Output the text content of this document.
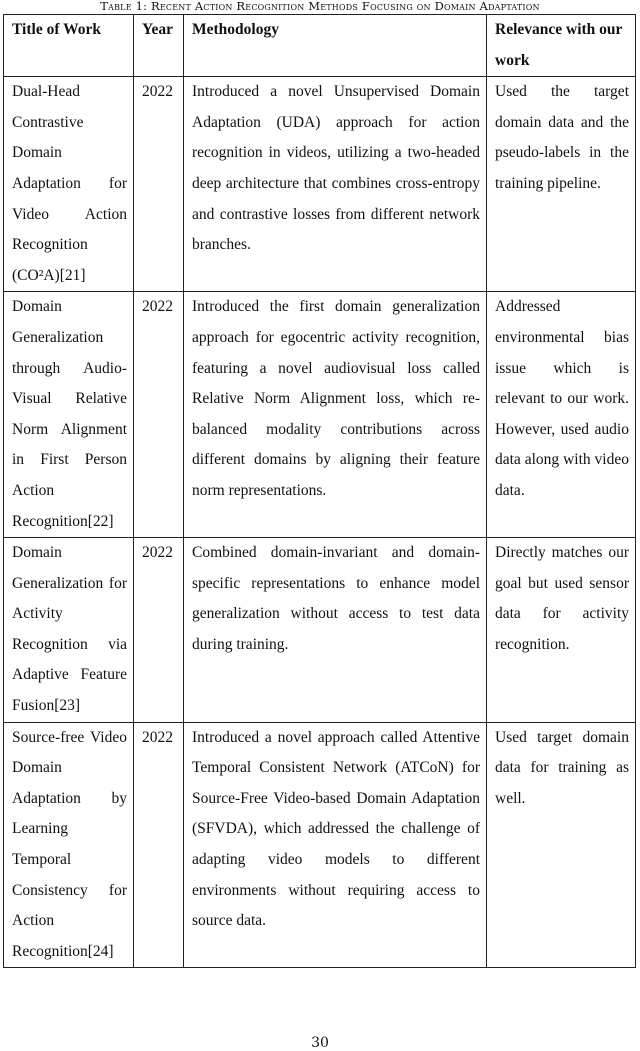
Table 1: Recent Action Recognition Methods Focusing on Domain Adaptation
Title of Work	Year	Methodology	Relevance with our work
Dual-Head Contrastive Domain Adaptation for Video Action Recognition (CO²A)[21]	2022	Introduced a novel Unsupervised Domain Adaptation (UDA) approach for action recognition in videos, utilizing a two-headed deep architecture that combines cross-entropy and contrastive losses from different network branches.	Used the target domain data and the pseudo-labels in the training pipeline.
Domain Generalization through Audio-Visual Relative Norm Alignment in First Person Action Recognition[22]	2022	Introduced the first domain generalization approach for egocentric activity recognition, featuring a novel audiovisual loss called Relative Norm Alignment loss, which re-balanced modality contributions across different domains by aligning their feature norm representations.	Addressed environmental bias issue which is relevant to our work. However, used audio data along with video data.
Domain Generalization for Activity Recognition via Adaptive Feature Fusion[23]	2022	Combined domain-invariant and domain-specific representations to enhance model generalization without access to test data during training.	Directly matches our goal but used sensor data for activity recognition.
Source-free Video Domain Adaptation by Learning Temporal Consistency for Action Recognition[24]	2022	Introduced a novel approach called Attentive Temporal Consistent Network (ATCoN) for Source-Free Video-based Domain Adaptation (SFVDA), which addressed the challenge of adapting video models to different environments without requiring access to source data.	Used target domain data for training as well.
30
